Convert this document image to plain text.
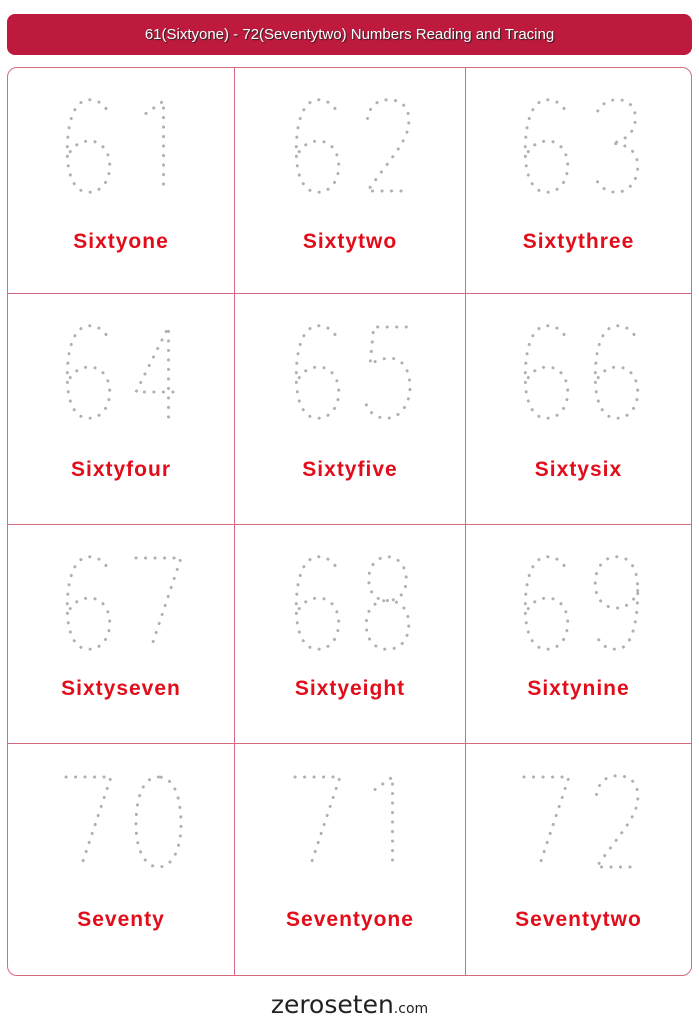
61(Sixtyone) - 72(Seventytwo) Numbers Reading and Tracing
Sixtyone	Sixtytwo	Sixtythree
Sixtyfour	Sixtyfive	Sixtysix
Sixtyseven	Sixtyeight	Sixtynine
Seventy	Seventyone	Seventytwo
zeroseten.com
